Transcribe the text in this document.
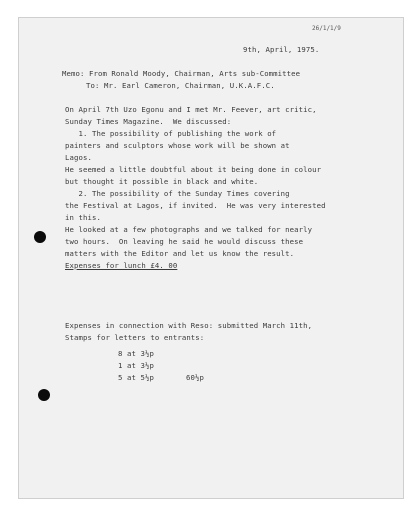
26/1/1/9
9th, April, 1975.
Memo: From Ronald Moody, Chairman, Arts sub-Committee
To: Mr. Earl Cameron, Chairman, U.K.A.F.C.
On April 7th Uzo Egonu and I met Mr. Feever, art critic,
Sunday Times Magazine.  We discussed:
1. The possibility of publishing the work of
painters and sculptors whose work will be shown at
Lagos.
He seemed a little doubtful about it being done in colour
but thought it possible in black and white.
2. The possibility of the Sunday Times covering
the Festival at Lagos, if invited.  He was very interested
in this.
He looked at a few photographs and we talked for nearly
two hours.  On leaving he said he would discuss these
matters with the Editor and let us know the result.
Expenses for lunch £4. 00
Expenses in connection with Reso: submitted March 11th,
Stamps for letters to entrants:
8 at 3½p
1 at 3½p
5 at 5½p	60½p
